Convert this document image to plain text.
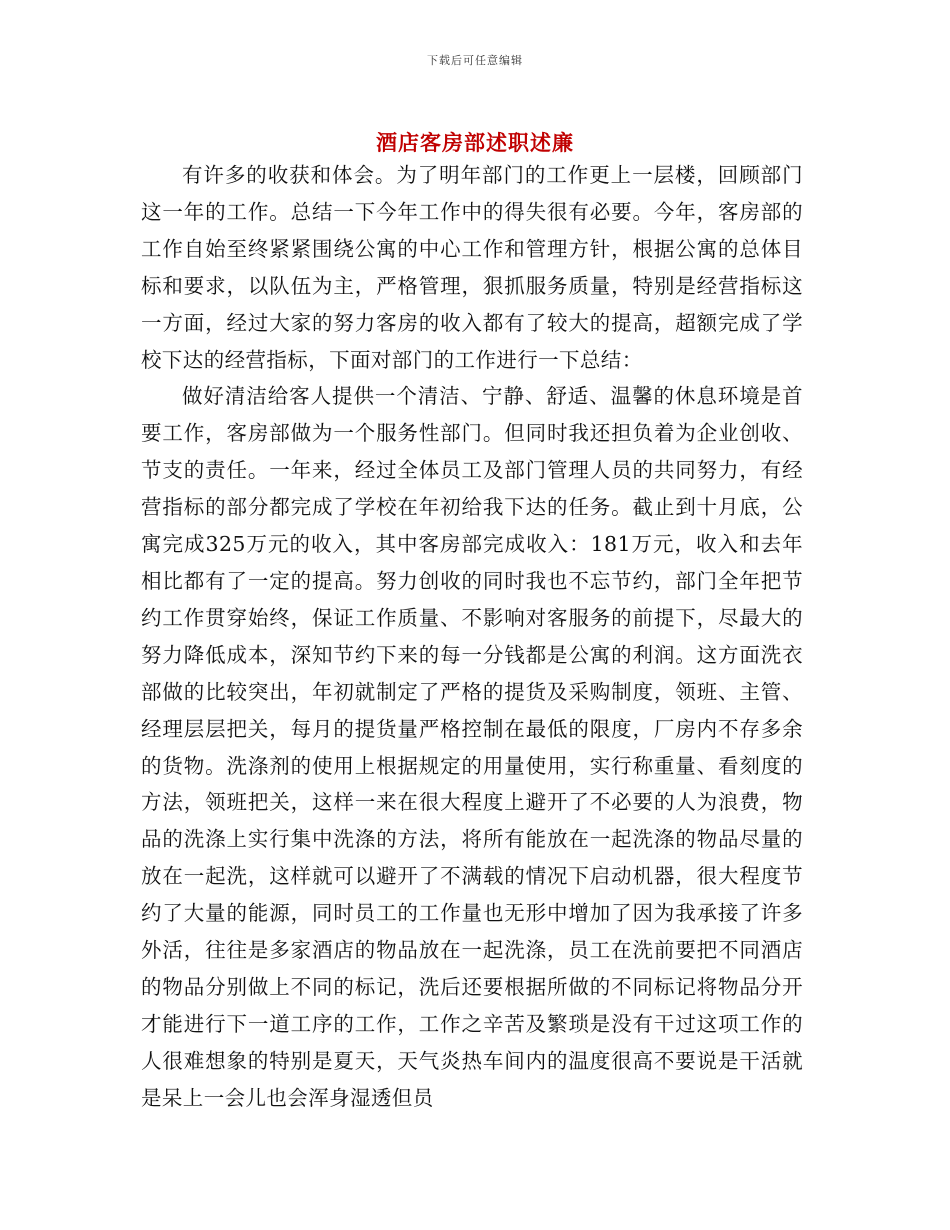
下载后可任意编辑
酒店客房部述职述廉

有许多的收获和体会。为了明年部门的工作更上一层楼，回顾部门这一年的工作。总结一下今年工作中的得失很有必要。今年，客房部的工作自始至终紧紧围绕公寓的中心工作和管理方针，根据公寓的总体目标和要求，以队伍为主，严格管理，狠抓服务质量，特别是经营指标这一方面，经过大家的努力客房的收入都有了较大的提高，超额完成了学校下达的经营指标，下面对部门的工作进行一下总结：

做好清洁给客人提供一个清洁、宁静、舒适、温馨的休息环境是首要工作，客房部做为一个服务性部门。但同时我还担负着为企业创收、节支的责任。一年来，经过全体员工及部门管理人员的共同努力，有经营指标的部分都完成了学校在年初给我下达的任务。截止到十月底，公寓完成325万元的收入，其中客房部完成收入：181万元，收入和去年相比都有了一定的提高。努力创收的同时我也不忘节约，部门全年把节约工作贯穿始终，保证工作质量、不影响对客服务的前提下，尽最大的努力降低成本，深知节约下来的每一分钱都是公寓的利润。这方面洗衣部做的比较突出，年初就制定了严格的提货及采购制度，领班、主管、经理层层把关，每月的提货量严格控制在最低的限度，厂房内不存多余的货物。洗涤剂的使用上根据规定的用量使用，实行称重量、看刻度的方法，领班把关，这样一来在很大程度上避开了不必要的人为浪费，物品的洗涤上实行集中洗涤的方法，将所有能放在一起洗涤的物品尽量的放在一起洗，这样就可以避开了不满载的情况下启动机器，很大程度节约了大量的能源，同时员工的工作量也无形中增加了因为我承接了许多外活，往往是多家酒店的物品放在一起洗涤，员工在洗前要把不同酒店的物品分别做上不同的标记，洗后还要根据所做的不同标记将物品分开才能进行下一道工序的工作，工作之辛苦及繁琐是没有干过这项工作的人很难想象的特别是夏天，天气炎热车间内的温度很高不要说是干活就是呆上一会儿也会浑身湿透但员
